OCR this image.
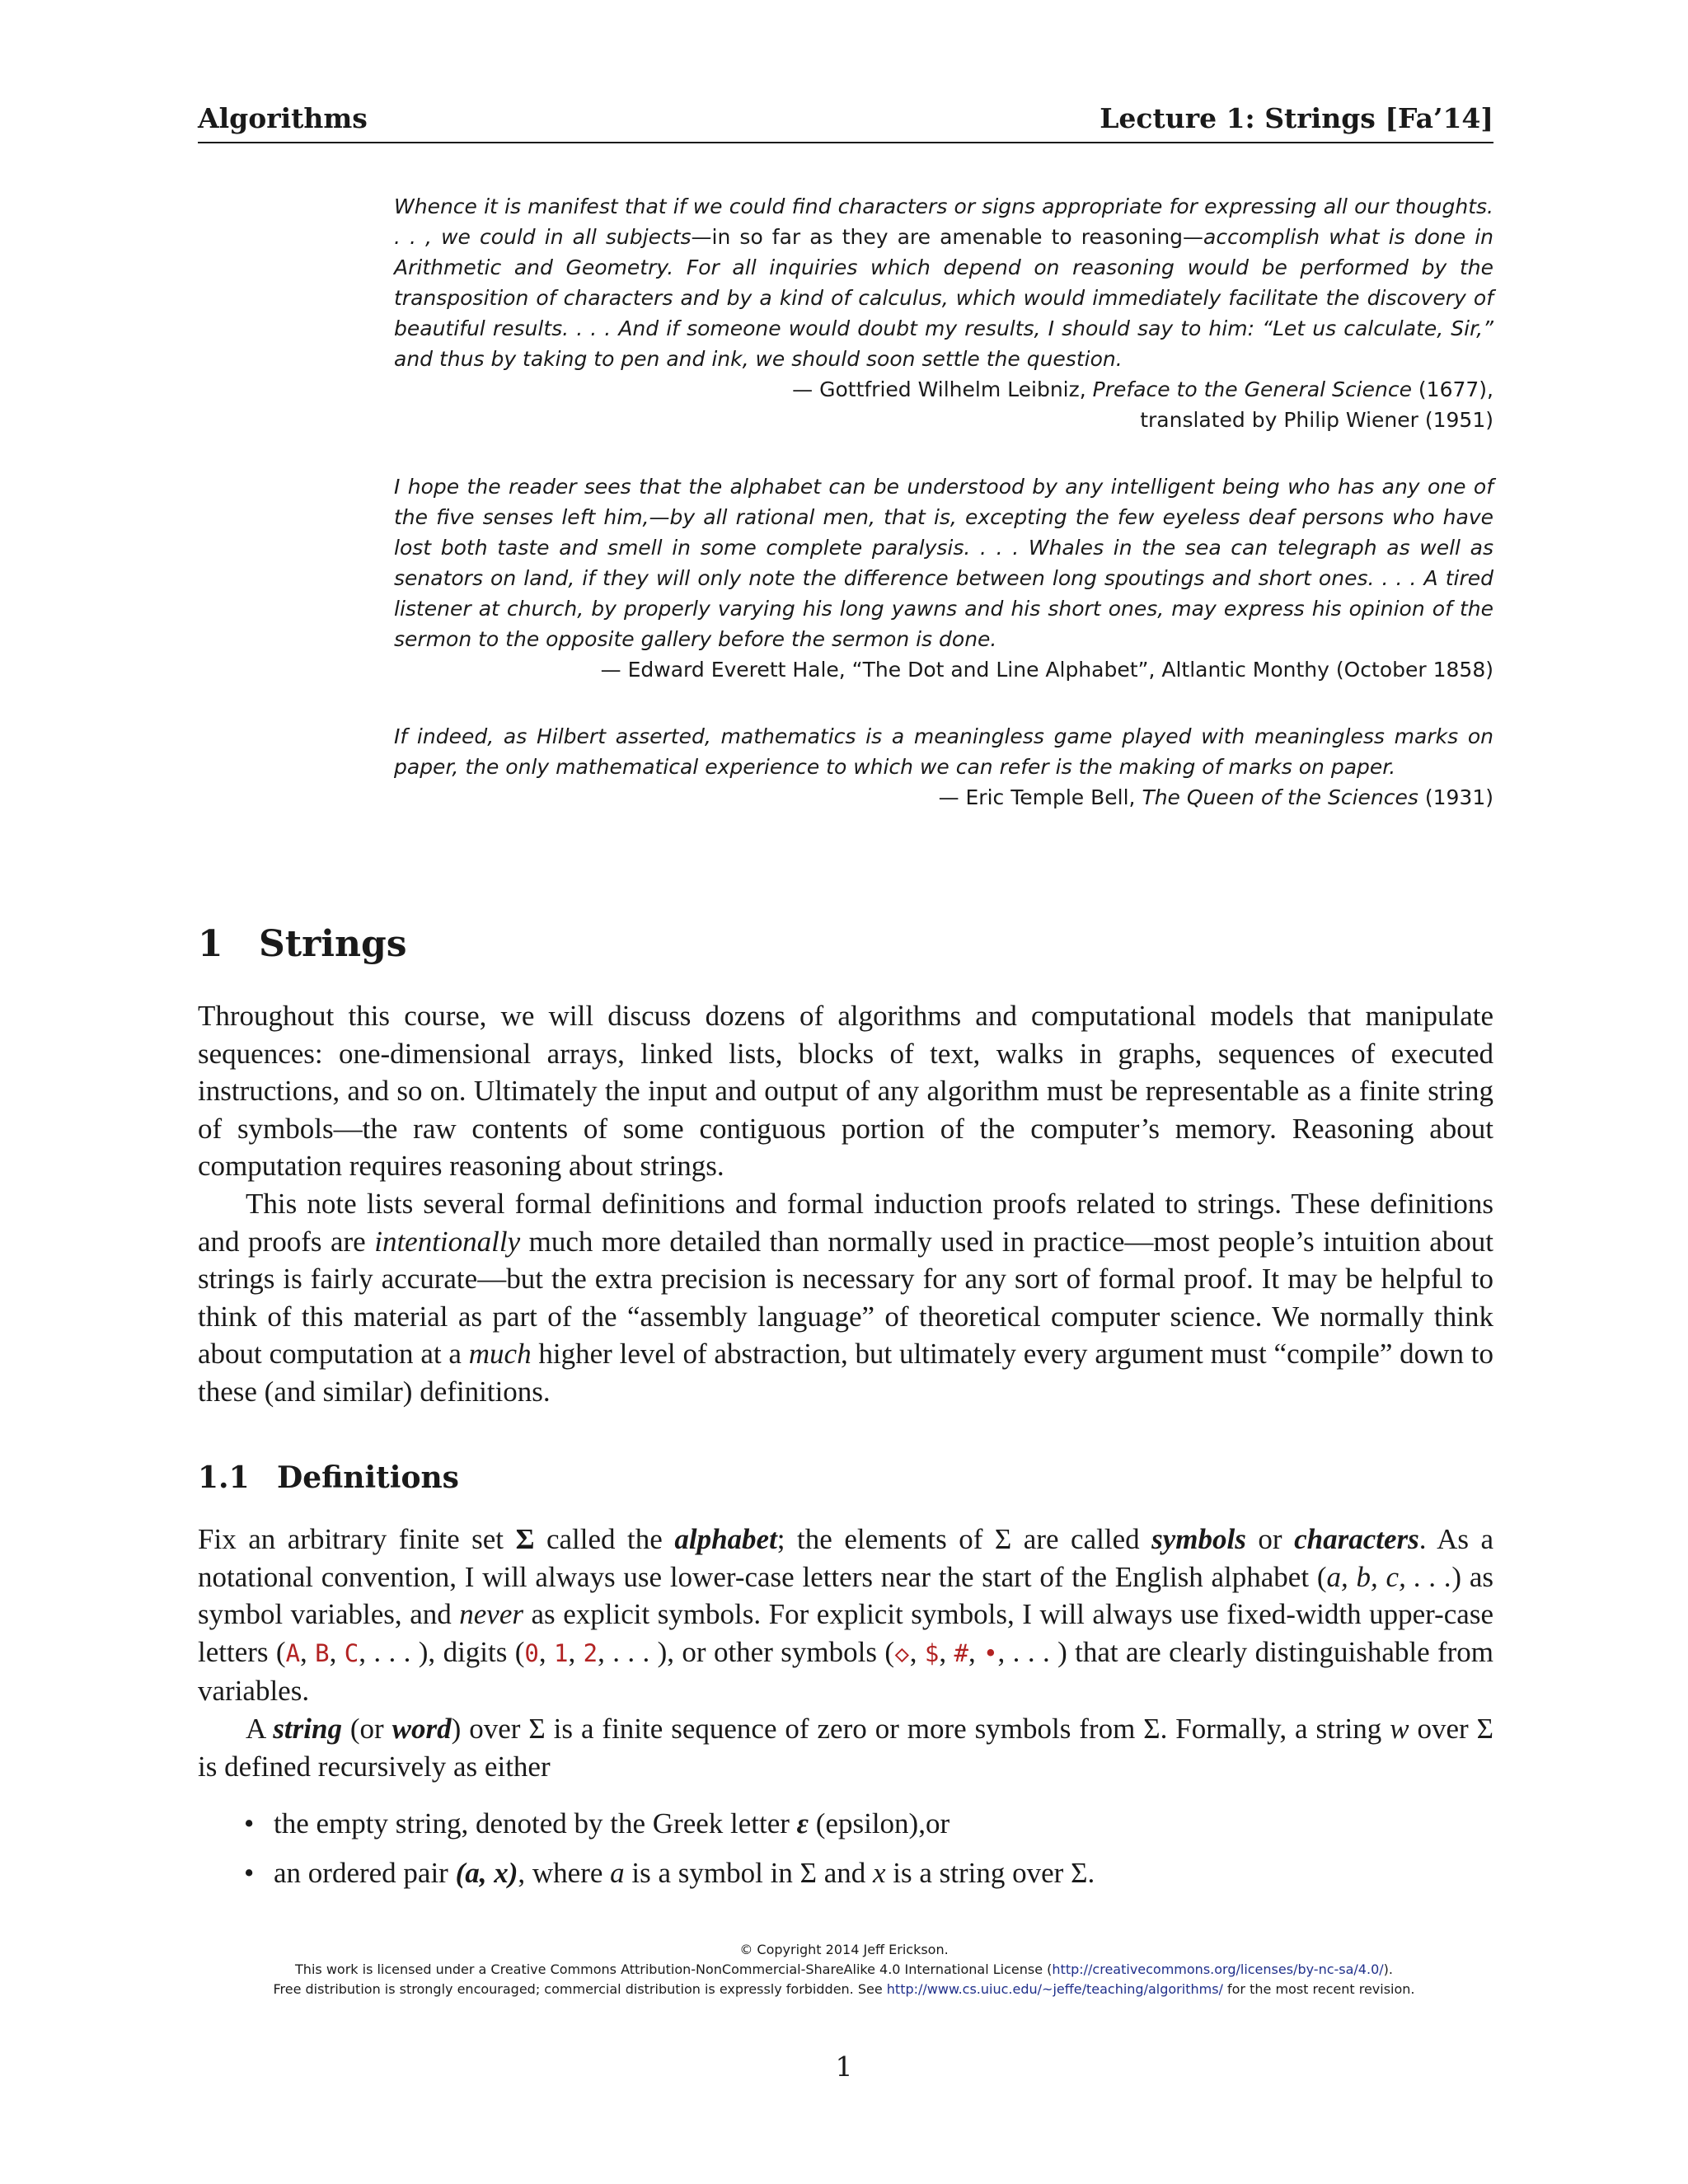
Algorithms	Lecture 1: Strings [Fa’14]
Whence it is manifest that if we could find characters or signs appropriate for expressing all our thoughts. . . , we could in all subjects—in so far as they are amenable to reasoning—accomplish what is done in Arithmetic and Geometry. For all inquiries which depend on reasoning would be performed by the transposition of characters and by a kind of calculus, which would immediately facilitate the discovery of beautiful results. . . . And if someone would doubt my results, I should say to him: “Let us calculate, Sir,” and thus by taking to pen and ink, we should soon settle the question.
— Gottfried Wilhelm Leibniz, Preface to the General Science (1677),
translated by Philip Wiener (1951)
I hope the reader sees that the alphabet can be understood by any intelligent being who has any one of the five senses left him,—by all rational men, that is, excepting the few eyeless deaf persons who have lost both taste and smell in some complete paralysis. . . . Whales in the sea can telegraph as well as senators on land, if they will only note the difference between long spoutings and short ones. . . . A tired listener at church, by properly varying his long yawns and his short ones, may express his opinion of the sermon to the opposite gallery before the sermon is done.
— Edward Everett Hale, “The Dot and Line Alphabet”, Altlantic Monthy (October 1858)
If indeed, as Hilbert asserted, mathematics is a meaningless game played with meaningless marks on paper, the only mathematical experience to which we can refer is the making of marks on paper.
— Eric Temple Bell, The Queen of the Sciences (1931)
1 Strings

Throughout this course, we will discuss dozens of algorithms and computational models that manipulate sequences: one-dimensional arrays, linked lists, blocks of text, walks in graphs, sequences of executed instructions, and so on. Ultimately the input and output of any algorithm must be representable as a finite string of symbols—the raw contents of some contiguous portion of the computer’s memory. Reasoning about computation requires reasoning about strings.

This note lists several formal definitions and formal induction proofs related to strings. These definitions and proofs are intentionally much more detailed than normally used in practice—most people’s intuition about strings is fairly accurate—but the extra precision is necessary for any sort of formal proof. It may be helpful to think of this material as part of the “assembly language” of theoretical computer science. We normally think about computation at a much higher level of abstraction, but ultimately every argument must “compile” down to these (and similar) definitions.

1.1 Definitions

Fix an arbitrary finite set Σ called the alphabet; the elements of Σ are called symbols or characters. As a notational convention, I will always use lower-case letters near the start of the English alphabet (a, b, c, . . .) as symbol variables, and never as explicit symbols. For explicit symbols, I will always use fixed-width upper-case letters (A, B, C, . . . ), digits (0, 1, 2, . . . ), or other symbols (◇, $, #, •, . . . ) that are clearly distinguishable from variables.

A string (or word) over Σ is a finite sequence of zero or more symbols from Σ. Formally, a string w over Σ is defined recursively as either

• the empty string, denoted by the Greek letter ε (epsilon),or
• an ordered pair (a, x), where a is a symbol in Σ and x is a string over Σ.
© Copyright 2014 Jeff Erickson.
This work is licensed under a Creative Commons Attribution-NonCommercial-ShareAlike 4.0 International License (http://creativecommons.org/licenses/by-nc-sa/4.0/).
Free distribution is strongly encouraged; commercial distribution is expressly forbidden. See http://www.cs.uiuc.edu/~jeffe/teaching/algorithms/ for the most recent revision.
1
